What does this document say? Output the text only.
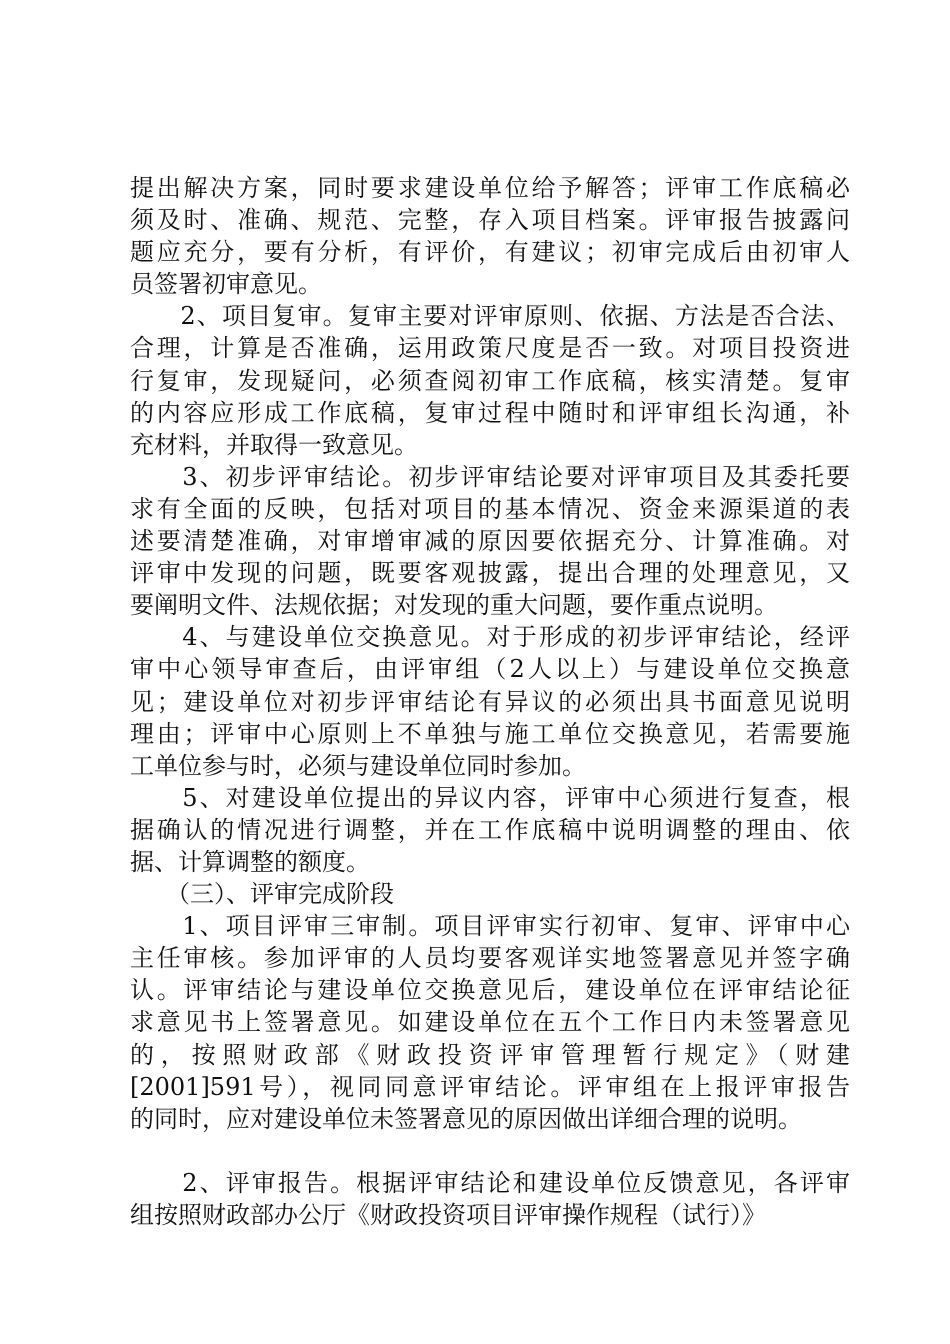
提出解决方案，同时要求建设单位给予解答；评审工作底稿必
须及时、准确、规范、完整，存入项目档案。评审报告披露问
题应充分，要有分析，有评价，有建议；初审完成后由初审人
员签署初审意见。
　　2、项目复审。复审主要对评审原则、依据、方法是否合法、
合理，计算是否准确，运用政策尺度是否一致。对项目投资进
行复审，发现疑问，必须查阅初审工作底稿，核实清楚。复审
的内容应形成工作底稿，复审过程中随时和评审组长沟通，补
充材料，并取得一致意见。
　　3、初步评审结论。初步评审结论要对评审项目及其委托要
求有全面的反映，包括对项目的基本情况、资金来源渠道的表
述要清楚准确，对审增审减的原因要依据充分、计算准确。对
评审中发现的问题，既要客观披露，提出合理的处理意见，又
要阐明文件、法规依据；对发现的重大问题，要作重点说明。
　　4、与建设单位交换意见。对于形成的初步评审结论，经评
审中心领导审查后，由评审组（2人以上）与建设单位交换意
见；建设单位对初步评审结论有异议的必须出具书面意见说明
理由；评审中心原则上不单独与施工单位交换意见，若需要施
工单位参与时，必须与建设单位同时参加。
　　5、对建设单位提出的异议内容，评审中心须进行复查，根
据确认的情况进行调整，并在工作底稿中说明调整的理由、依
据、计算调整的额度。
　　（三）、评审完成阶段
　　1、项目评审三审制。项目评审实行初审、复审、评审中心
主任审核。参加评审的人员均要客观详实地签署意见并签字确
认。评审结论与建设单位交换意见后，建设单位在评审结论征
求意见书上签署意见。如建设单位在五个工作日内未签署意见
的，按照财政部《财政投资评审管理暂行规定》（财建
[2001]591号），视同同意评审结论。评审组在上报评审报告
的同时，应对建设单位未签署意见的原因做出详细合理的说明。
　　2、评审报告。根据评审结论和建设单位反馈意见，各评审
组按照财政部办公厅《财政投资项目评审操作规程（试行）》
